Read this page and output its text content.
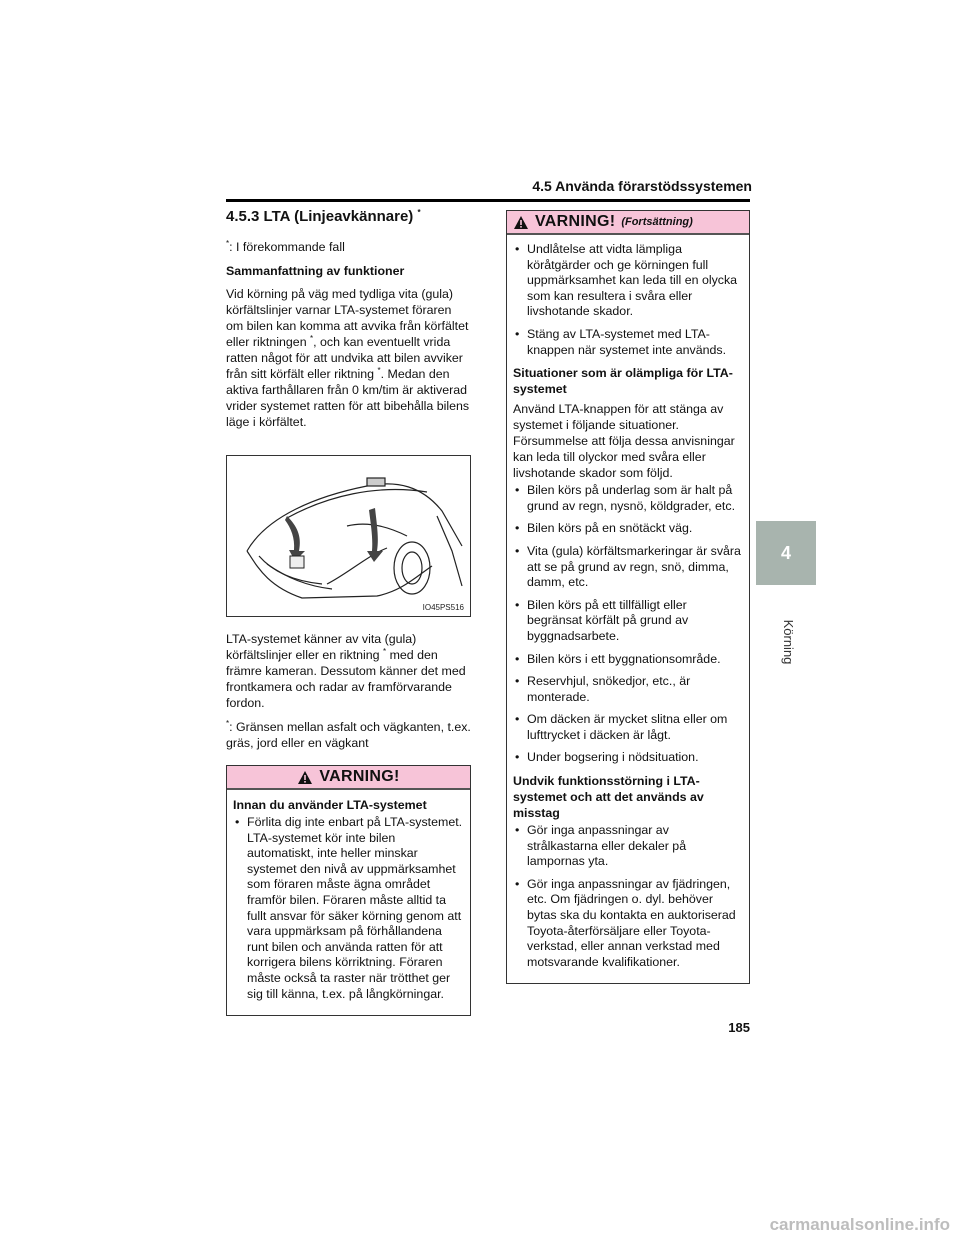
4.5 Använda förarstödssystemen
4.5.3 LTA (Linjeavkännare) *
*: I förekommande fall
Sammanfattning av funktioner

Vid körning på väg med tydliga vita (gula) körfältslinjer varnar LTA-systemet föraren om bilen kan komma att avvika från körfältet eller riktningen *, och kan eventuellt vrida ratten något för att undvika att bilen avviker från sitt körfält eller riktning *. Medan den aktiva farthållaren från 0 km/tim är aktiverad vrider systemet ratten för att bibehålla bilens läge i körfältet.

IO45PS516

LTA-systemet känner av vita (gula) körfältslinjer eller en riktning * med den främre kameran. Dessutom känner det med frontkamera och radar av framförvarande fordon.

*: Gränsen mellan asfalt och vägkanten, t.ex. gräs, jord eller en vägkant

VARNING!
Innan du använder LTA-systemet
• Förlita dig inte enbart på LTA-systemet. LTA-systemet kör inte bilen automatiskt, inte heller minskar systemet den nivå av uppmärksamhet som föraren måste ägna området framför bilen. Föraren måste alltid ta fullt ansvar för säker körning genom att vara uppmärksam på förhållandena runt bilen och använda ratten för att korrigera bilens körriktning. Föraren måste också ta raster när trötthet ger sig till känna, t.ex. på långkörningar.
VARNING! (Fortsättning)
• Undlåtelse att vidta lämpliga köråtgärder och ge körningen full uppmärksamhet kan leda till en olycka som kan resultera i svåra eller livshotande skador.
• Stäng av LTA-systemet med LTA-knappen när systemet inte används.
Situationer som är olämpliga för LTA-systemet

Använd LTA-knappen för att stänga av systemet i följande situationer. Försummelse att följa dessa anvisningar kan leda till olyckor med svåra eller livshotande skador som följd.

• Bilen körs på underlag som är halt på grund av regn, nysnö, köldgrader, etc.
• Bilen körs på en snötäckt väg.
• Vita (gula) körfältsmarkeringar är svåra att se på grund av regn, snö, dimma, damm, etc.
• Bilen körs på ett tillfälligt eller begränsat körfält på grund av byggnadsarbete.
• Bilen körs i ett byggnationsområde.
• Reservhjul, snökedjor, etc., är monterade.
• Om däcken är mycket slitna eller om lufttrycket i däcken är lågt.
• Under bogsering i nödsituation.
Undvik funktionsstörning i LTA-systemet och att det används av misstag
• Gör inga anpassningar av strålkastarna eller dekaler på lampornas yta.
• Gör inga anpassningar av fjädringen, etc. Om fjädringen o. dyl. behöver bytas ska du kontakta en auktoriserad Toyota-återförsäljare eller Toyota-verkstad, eller annan verkstad med motsvarande kvalifikationer.
4
Körning
185
carmanualsonline.info
